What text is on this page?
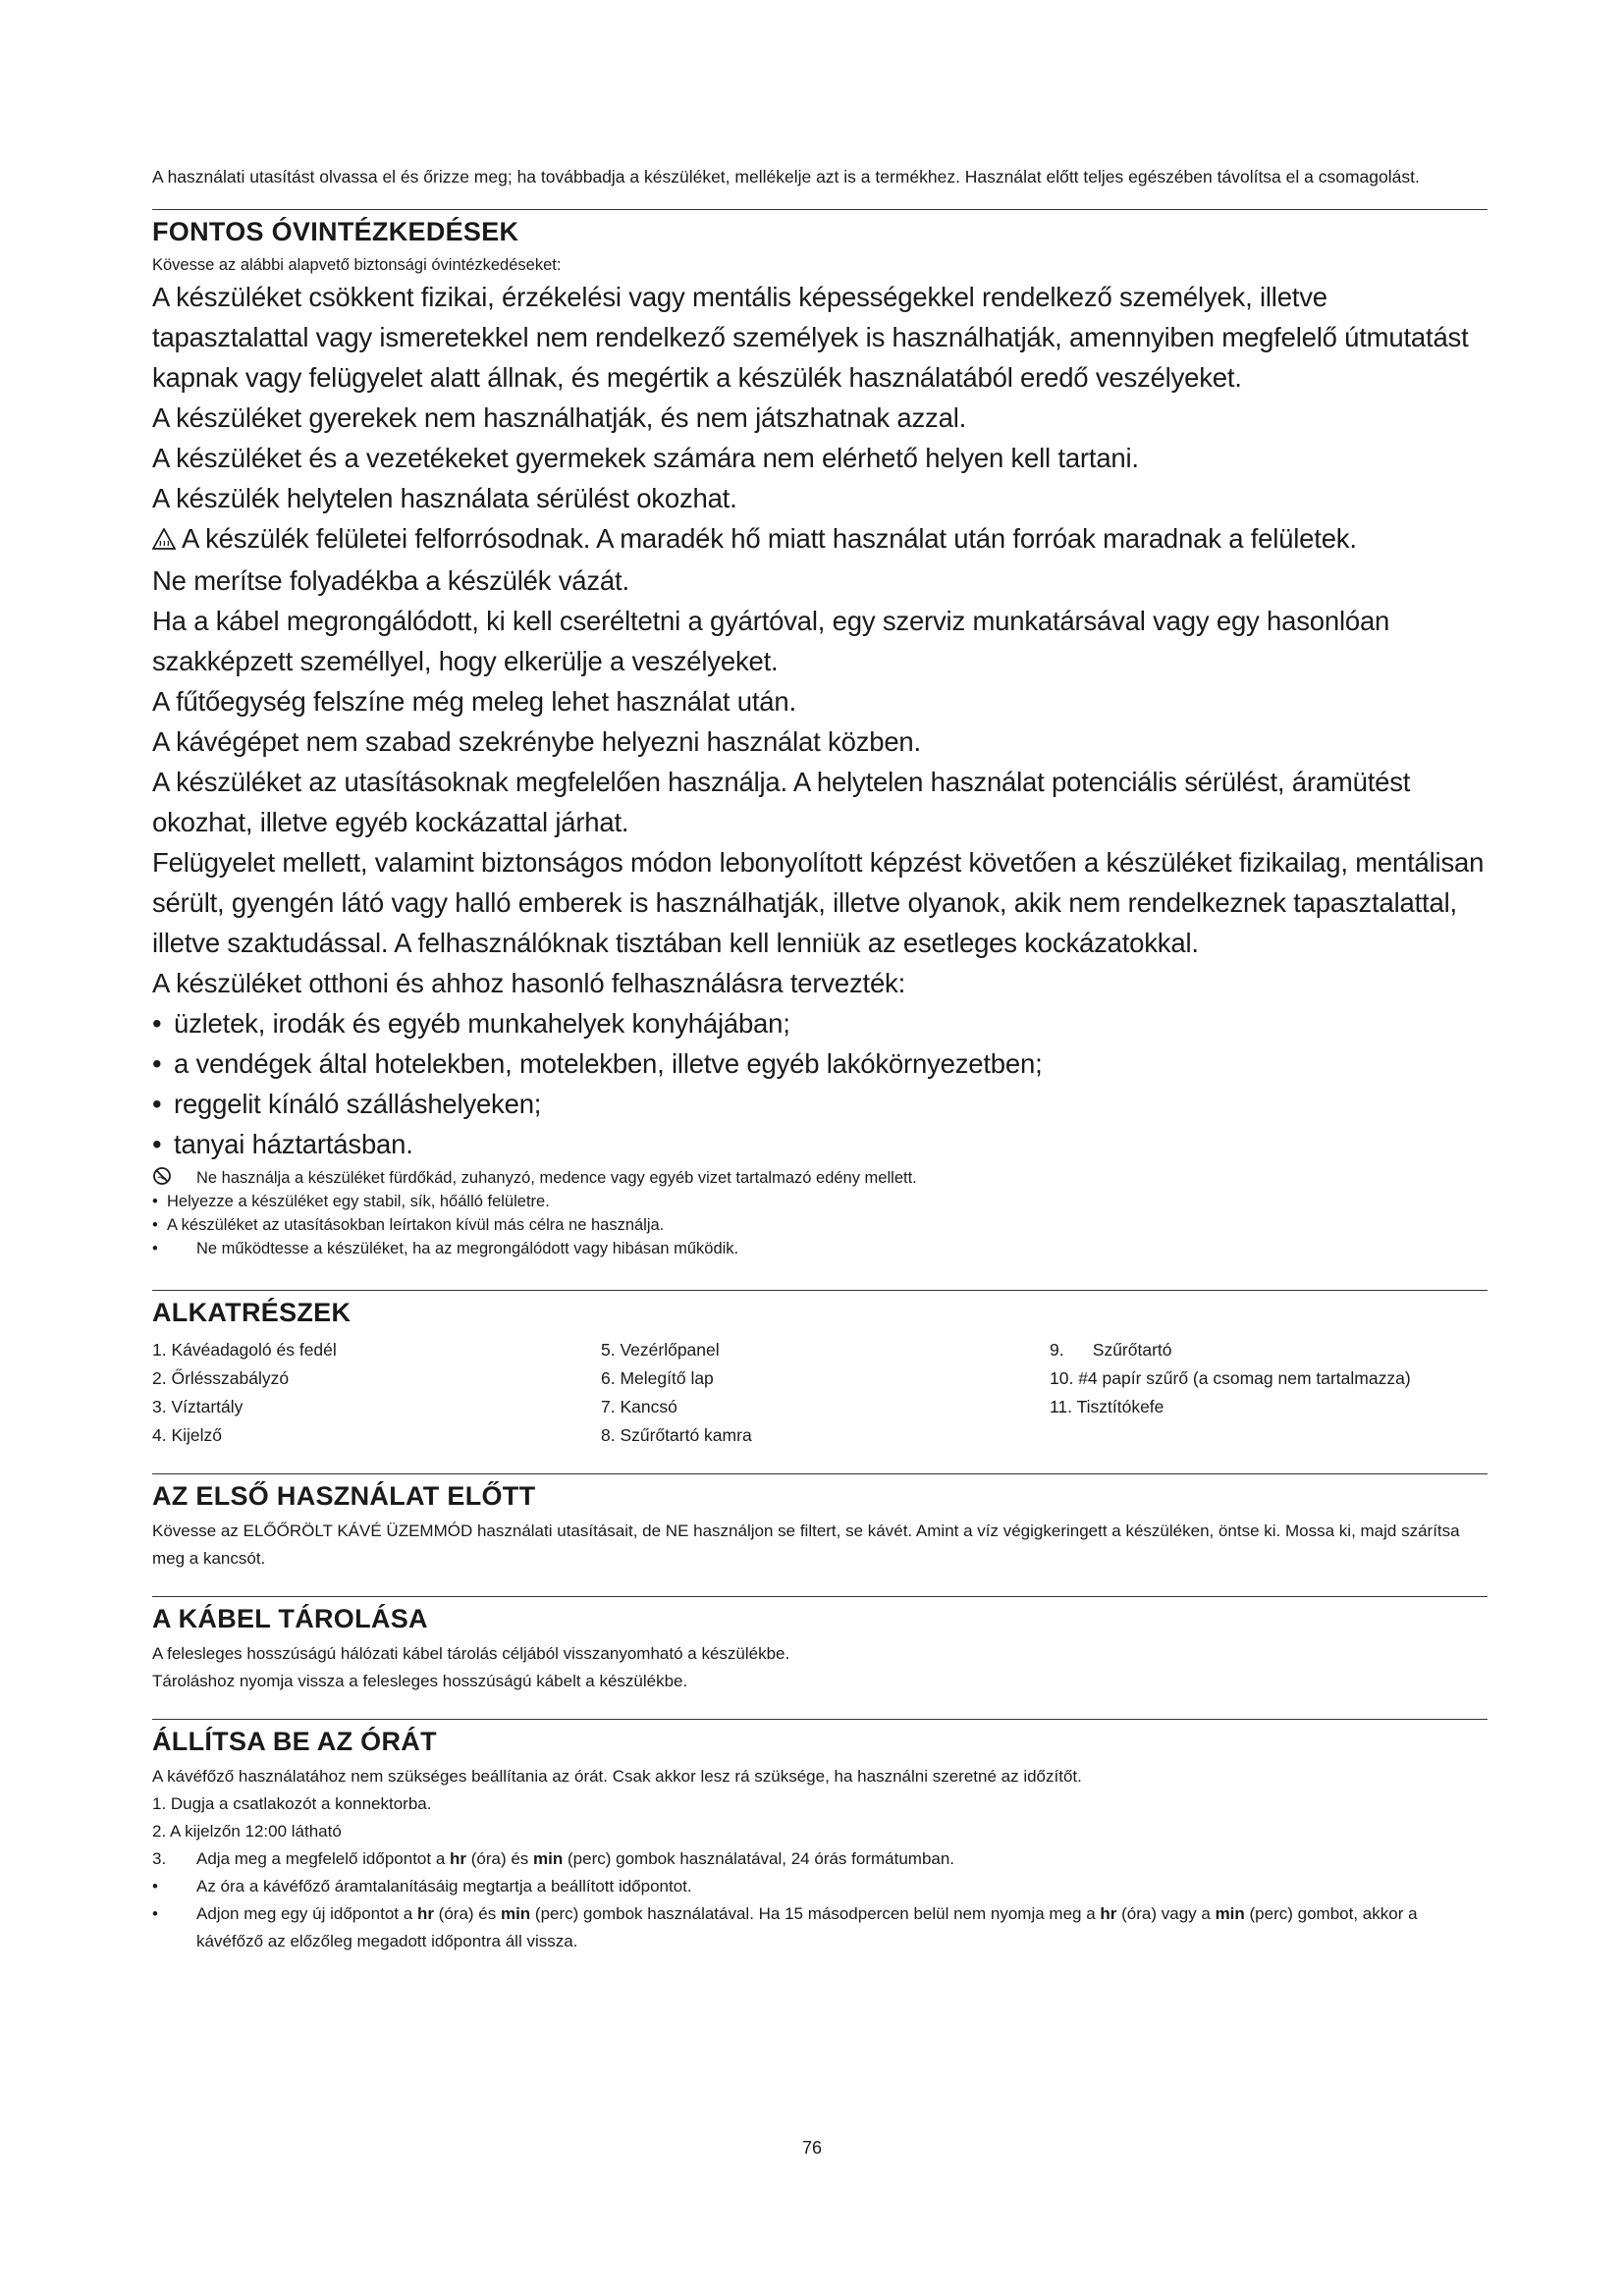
A használati utasítást olvassa el és őrizze meg; ha továbbadja a készüléket, mellékelje azt is a termékhez. Használat előtt teljes egészében távolítsa el a csomagolást.

FONTOS ÓVINTÉZKEDÉSEK
Kövesse az alábbi alapvető biztonsági óvintézkedéseket:

A készüléket csökkent fizikai, érzékelési vagy mentális képességekkel rendelkező személyek, illetve tapasztalattal vagy ismeretekkel nem rendelkező személyek is használhatják, amennyiben megfelelő útmutatást kapnak vagy felügyelet alatt állnak, és megértik a készülék használatából eredő veszélyeket.

A készüléket gyerekek nem használhatják, és nem játszhatnak azzal.

A készüléket és a vezetékeket gyermekek számára nem elérhető helyen kell tartani.

A készülék helytelen használata sérülést okozhat.

A készülék felületei felforrósodnak. A maradék hő miatt használat után forróak maradnak a felületek.

Ne merítse folyadékba a készülék vázát.

Ha a kábel megrongálódott, ki kell cseréltetni a gyártóval, egy szerviz munkatársával vagy egy hasonlóan szakképzett személlyel, hogy elkerülje a veszélyeket.

A fűtőegység felszíne még meleg lehet használat után.

A kávégépet nem szabad szekrénybe helyezni használat közben.

A készüléket az utasításoknak megfelelően használja. A helytelen használat potenciális sérülést, áramütést okozhat, illetve egyéb kockázattal járhat.

Felügyelet mellett, valamint biztonságos módon lebonyolított képzést követően a készüléket fizikailag, mentálisan sérült, gyengén látó vagy halló emberek is használhatják, illetve olyanok, akik nem rendelkeznek tapasztalattal, illetve szaktudással. A felhasználóknak tisztában kell lenniük az esetleges kockázatokkal.

A készüléket otthoni és ahhoz hasonló felhasználásra tervezték:

• üzletek, irodák és egyéb munkahelyek konyhájában;
• a vendégek által hotelekben, motelekben, illetve egyéb lakókörnyezetben;
• reggelit kínáló szálláshelyeken;
• tanyai háztartásban.
Ne használja a készüléket fürdőkád, zuhanyzó, medence vagy egyéb vizet tartalmazó edény mellett.
• Helyezze a készüléket egy stabil, sík, hőálló felületre.
• A készüléket az utasításokban leírtakon kívül más célra ne használja.
•	Ne működtesse a készüléket, ha az megrongálódott vagy hibásan működik.
ALKATRÉSZEK
1. Kávéadagoló és fedél	5. Vezérlőpanel	9.      Szűrőtartó
2. Őrlésszabályzó	6. Melegítő lap	10. #4 papír szűrő (a csomag nem tartalmazza)
3. Víztartály	7. Kancsó	11. Tisztítókefe
4. Kijelző	8. Szűrőtartó kamra
AZ ELSŐ HASZNÁLAT ELŐTT
Kövesse az ELŐŐRÖLT KÁVÉ ÜZEMMÓD használati utasításait, de NE használjon se filtert, se kávét. Amint a víz végigkeringett a készüléken, öntse ki. Mossa ki, majd szárítsa meg a kancsót.
A KÁBEL TÁROLÁSA

A felesleges hosszúságú hálózati kábel tárolás céljából visszanyomható a készülékbe.

Tároláshoz nyomja vissza a felesleges hosszúságú kábelt a készülékbe.

ÁLLÍTSA BE AZ ÓRÁT

A kávéfőző használatához nem szükséges beállítania az órát. Csak akkor lesz rá szüksége, ha használni szeretné az időzítőt.

1. Dugja a csatlakozót a konnektorba.

2. A kijelzőn 12:00 látható

3.	Adja meg a megfelelő időpontot a hr (óra) és min (perc) gombok használatával, 24 órás formátumban.
•	Az óra a kávéfőző áramtalanításáig megtartja a beállított időpontot.
•	Adjon meg egy új időpontot a hr (óra) és min (perc) gombok használatával. Ha 15 másodpercen belül nem nyomja meg a hr (óra) vagy a min (perc) gombot, akkor a kávéfőző az előzőleg megadott időpontra áll vissza.
76
